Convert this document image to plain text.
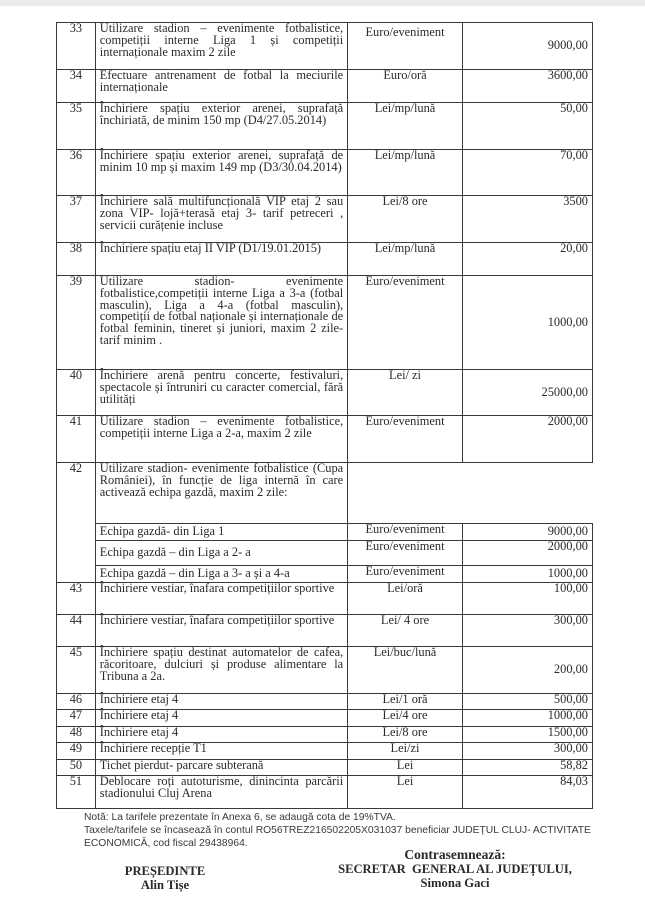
33	Utilizare stadion – evenimente fotbalistice, competiții interne Liga 1 și competiții internaționale maxim 2 zile	Euro/eveniment	9000,00
34	Efectuare antrenament de fotbal la meciurile internaționale	Euro/oră	3600,00
35	Închiriere spațiu exterior arenei, suprafață închiriată, de minim 150 mp (D4/27.05.2014)	Lei/mp/lună	50,00
36	Închiriere spațiu exterior arenei, suprafață de minim 10 mp și maxim 149 mp (D3/30.04.2014)	Lei/mp/lună	70,00
37	Închiriere sală multifuncțională VIP etaj 2 sau zona VIP- lojă+terasă etaj 3- tarif petreceri , servicii curățenie incluse	Lei/8 ore	3500
38	Închiriere spațiu etaj II VIP (D1/19.01.2015)	Lei/mp/lună	20,00
39	Utilizare stadion- evenimente fotbalistice,competiții interne Liga a 3-a (fotbal masculin), Liga a 4-a (fotbal masculin), competiții de fotbal naționale și internaționale de fotbal feminin, tineret și juniori, maxim 2 zile- tarif minim .	Euro/eveniment	1000,00
40	Închiriere arenă pentru concerte, festivaluri, spectacole și întruniri cu caracter comercial, fără utilități	Lei/ zi	25000,00
41	Utilizare stadion – evenimente fotbalistice, competiții interne Liga a 2-a, maxim 2 zile	Euro/eveniment	2000,00
42	Utilizare stadion- evenimente fotbalistice (Cupa României), în funcție de liga internă în care activează echipa gazdă, maxim 2 zile:		
	Echipa gazdă- din Liga 1	Euro/eveniment	9000,00
	Echipa gazdă – din Liga a 2- a	Euro/eveniment	2000,00
	Echipa gazdă – din Liga a 3- a și a 4-a	Euro/eveniment	1000,00
43	Închiriere vestiar, înafara competițiilor sportive	Lei/oră	100,00
44	Închiriere vestiar, înafara competițiilor sportive	Lei/ 4 ore	300,00
45	Închiriere spațiu destinat automatelor de cafea, răcoritoare, dulciuri și produse alimentare la Tribuna a 2a.	Lei/buc/lună	200,00
46	Închiriere etaj 4	Lei/1 oră	500,00
47	Închiriere etaj 4	Lei/4 ore	1000,00
48	Închiriere etaj 4	Lei/8 ore	1500,00
49	Închiriere recepție T1	Lei/zi	300,00
50	Tichet pierdut- parcare subterană	Lei	58,82
51	Deblocare roți autoturisme, dinincinta parcării stadionului Cluj Arena	Lei	84,03
Notă: La tarifele prezentate în Anexa 6, se adaugă cota de 19%TVA.
Taxele/tarifele se încasează în contul RO56TREZ216502205X031037 beneficiar JUDEȚUL CLUJ- ACTIVITATE ECONOMICĂ, cod fiscal 29438964.
PREȘEDINTE
Alin Tișe
Contrasemnează:
SECRETAR  GENERAL AL JUDEȚULUI,
Simona Gaci
